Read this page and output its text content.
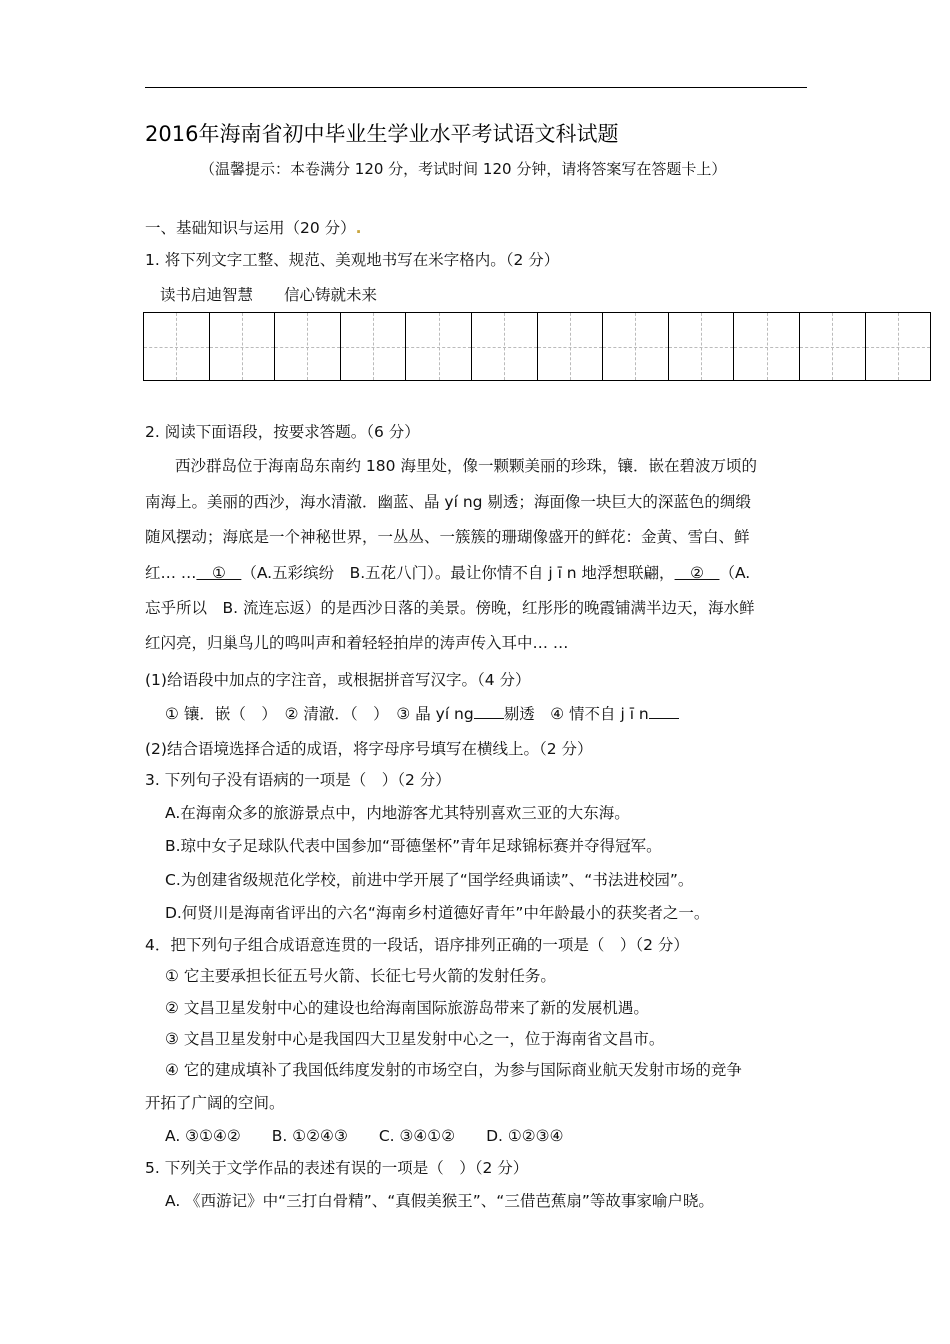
2016年海南省初中毕业生学业水平考试语文科试题
（温馨提示：本卷满分 120 分，考试时间 120 分钟，请将答案写在答题卡上）
一、基础知识与运用（20 分）.
1. 将下列文字工整、规范、美观地书写在米字格内。（2 分）
读书启迪智慧　　信心铸就未来
2. 阅读下面语段，按要求答题。（6 分）
西沙群岛位于海南岛东南约 180 海里处，像一颗颗美丽的珍珠，镶．嵌在碧波万顷的
南海上。美丽的西沙，海水清澈．幽蓝、晶 yí ng 剔透；海面像一块巨大的深蓝色的绸缎
随风摆动；海底是一个神秘世界，一丛丛、一簇簇的珊瑚像盛开的鲜花：金黄、雪白、鲜
红… …　①　（A.五彩缤纷　B.五花八门）。最让你情不自 j ī n 地浮想联翩，　②　（A.
忘乎所以　B. 流连忘返）的是西沙日落的美景。傍晚，红彤彤的晚霞铺满半边天，海水鲜
红闪亮，归巢鸟儿的鸣叫声和着轻轻拍岸的涛声传入耳中… …
(1)给语段中加点的字注音，或根据拼音写汉字。（4 分）
① 镶．嵌（　）　② 清澈．（　）　③ 晶 yí ng 剔透　④ 情不自 j ī n
(2)结合语境选择合适的成语，将字母序号填写在横线上。（2 分）
3. 下列句子没有语病的一项是（　）（2 分）
A.在海南众多的旅游景点中，内地游客尤其特别喜欢三亚的大东海。
B.琼中女子足球队代表中国参加“哥德堡杯”青年足球锦标赛并夺得冠军。
C.为创建省级规范化学校，前进中学开展了“国学经典诵读”、“书法进校园”。
D.何贤川是海南省评出的六名“海南乡村道德好青年”中年龄最小的获奖者之一。
4．把下列句子组合成语意连贯的一段话，语序排列正确的一项是（　）（2 分）
① 它主要承担长征五号火箭、长征七号火箭的发射任务。
② 文昌卫星发射中心的建设也给海南国际旅游岛带来了新的发展机遇。
③ 文昌卫星发射中心是我国四大卫星发射中心之一，位于海南省文昌市。
④ 它的建成填补了我国低纬度发射的市场空白，为参与国际商业航天发射市场的竞争
开拓了广阔的空间。
A. ③①④②　　B. ①②④③　　C. ③④①②　　D. ①②③④
5. 下列关于文学作品的表述有误的一项是（　）（2 分）
A. 《西游记》中“三打白骨精”、“真假美猴王”、“三借芭蕉扇”等故事家喻户晓。
